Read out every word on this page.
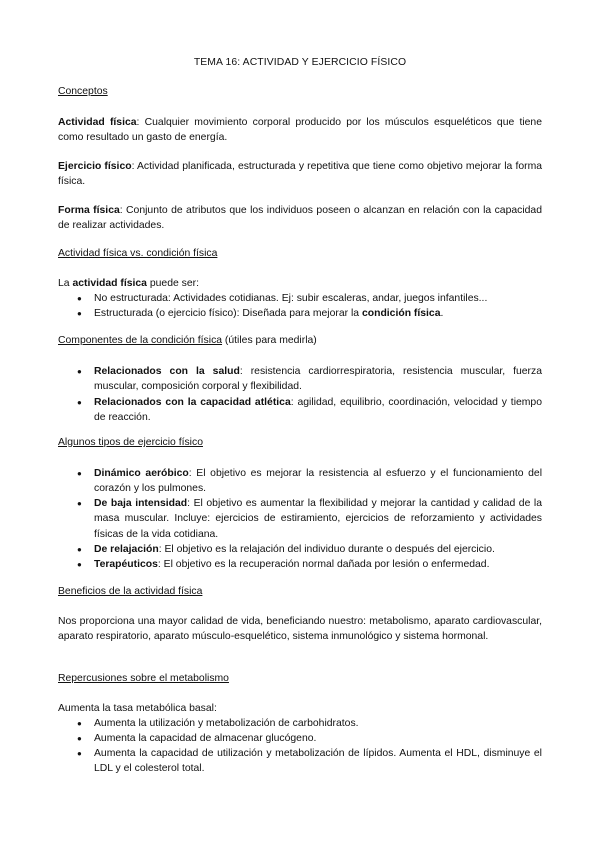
TEMA 16: ACTIVIDAD Y EJERCICIO FÍSICO
Conceptos
Actividad física: Cualquier movimiento corporal producido por los músculos esqueléticos que tiene como resultado un gasto de energía.
Ejercicio físico: Actividad planificada, estructurada y repetitiva que tiene como objetivo mejorar la forma física.
Forma física: Conjunto de atributos que los individuos poseen o alcanzan en relación con la capacidad de realizar actividades.
Actividad física vs. condición física
La actividad física puede ser:
● No estructurada: Actividades cotidianas. Ej: subir escaleras, andar, juegos infantiles...
● Estructurada (o ejercicio físico): Diseñada para mejorar la condición física.
Componentes de la condición física (útiles para medirla)
● Relacionados con la salud: resistencia cardiorrespiratoria, resistencia muscular, fuerza muscular, composición corporal y flexibilidad.
● Relacionados con la capacidad atlética: agilidad, equilibrio, coordinación, velocidad y tiempo de reacción.
Algunos tipos de ejercicio físico
● Dinámico aeróbico: El objetivo es mejorar la resistencia al esfuerzo y el funcionamiento del corazón y los pulmones.
● De baja intensidad: El objetivo es aumentar la flexibilidad y mejorar la cantidad y calidad de la masa muscular. Incluye: ejercicios de estiramiento, ejercicios de reforzamiento y actividades físicas de la vida cotidiana.
● De relajación: El objetivo es la relajación del individuo durante o después del ejercicio.
● Terapéuticos: El objetivo es la recuperación normal dañada por lesión o enfermedad.
Beneficios de la actividad física
Nos proporciona una mayor calidad de vida, beneficiando nuestro: metabolismo, aparato cardiovascular, aparato respiratorio, aparato músculo-esquelético, sistema inmunológico y sistema hormonal.
Repercusiones sobre el metabolismo
Aumenta la tasa metabólica basal:
● Aumenta la utilización y metabolización de carbohidratos.
● Aumenta la capacidad de almacenar glucógeno.
● Aumenta la capacidad de utilización y metabolización de lípidos. Aumenta el HDL, disminuye el LDL y el colesterol total.
